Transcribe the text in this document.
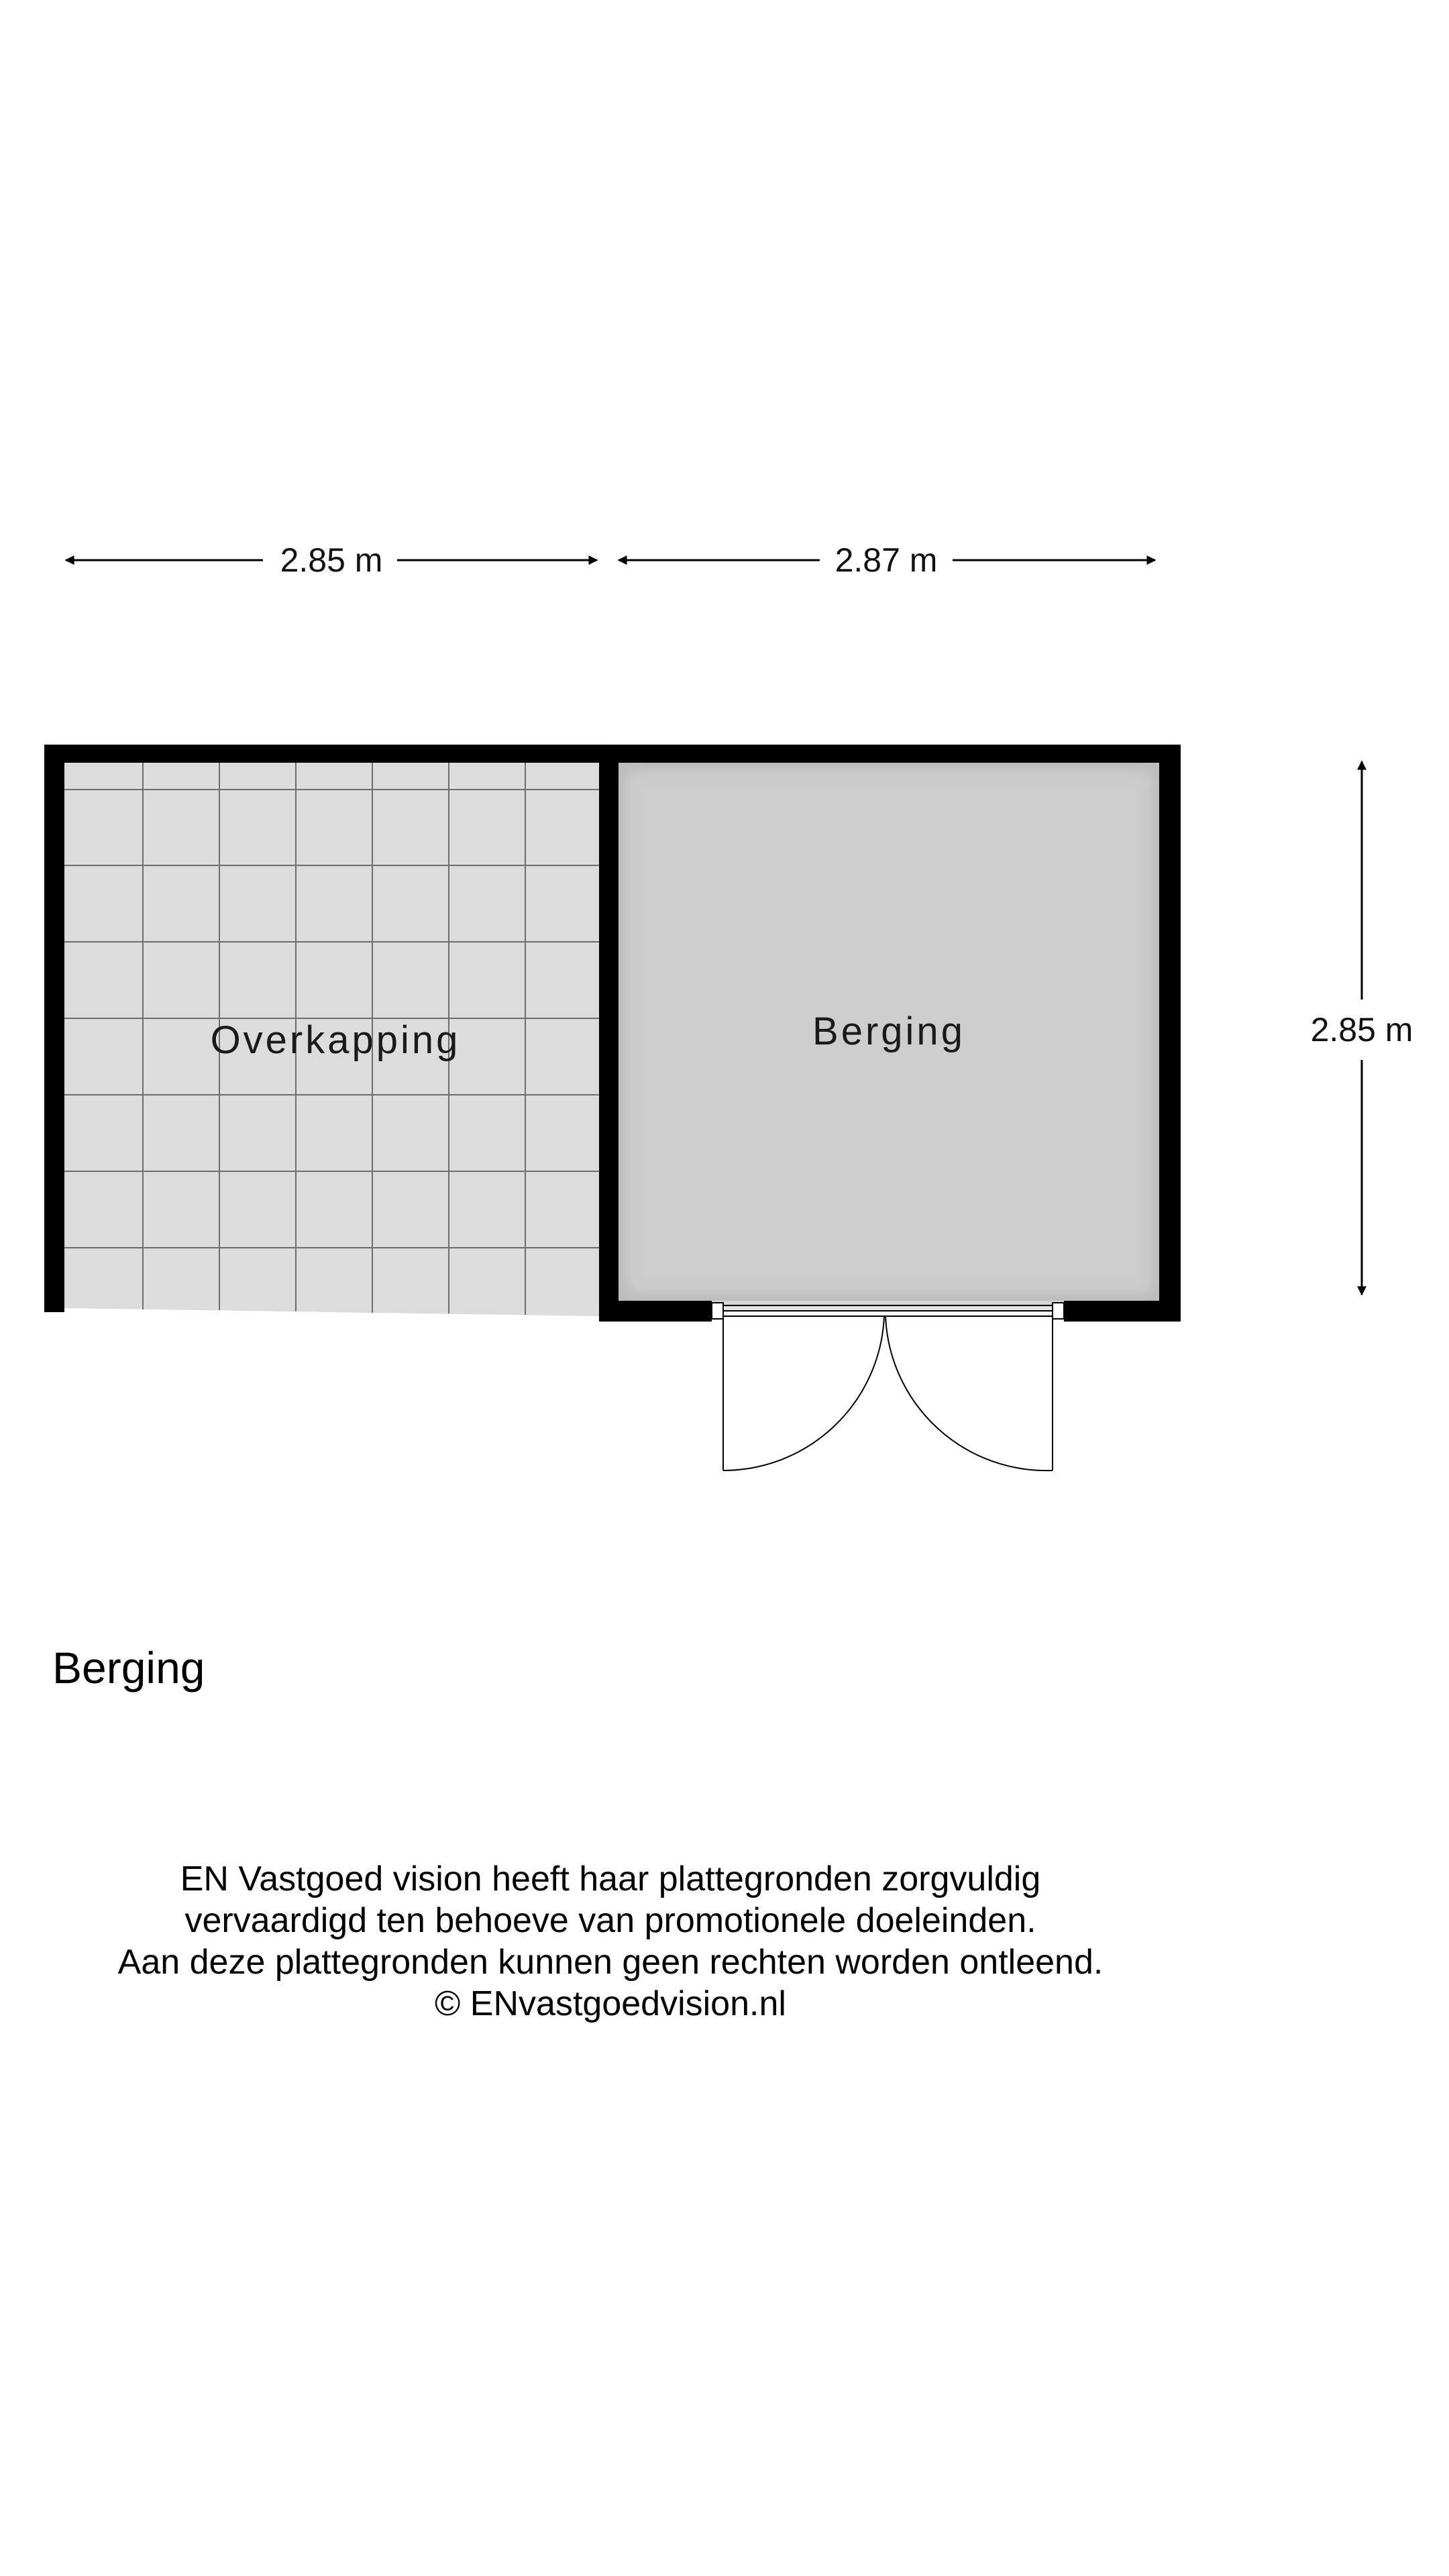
2.85 m	2.87 m
2.85 m
Overkapping	Berging
Berging
EN Vastgoed vision heeft haar plattegronden zorgvuldig
vervaardigd ten behoeve van promotionele doeleinden.
Aan deze plattegronden kunnen geen rechten worden ontleend.
© ENvastgoedvision.nl
